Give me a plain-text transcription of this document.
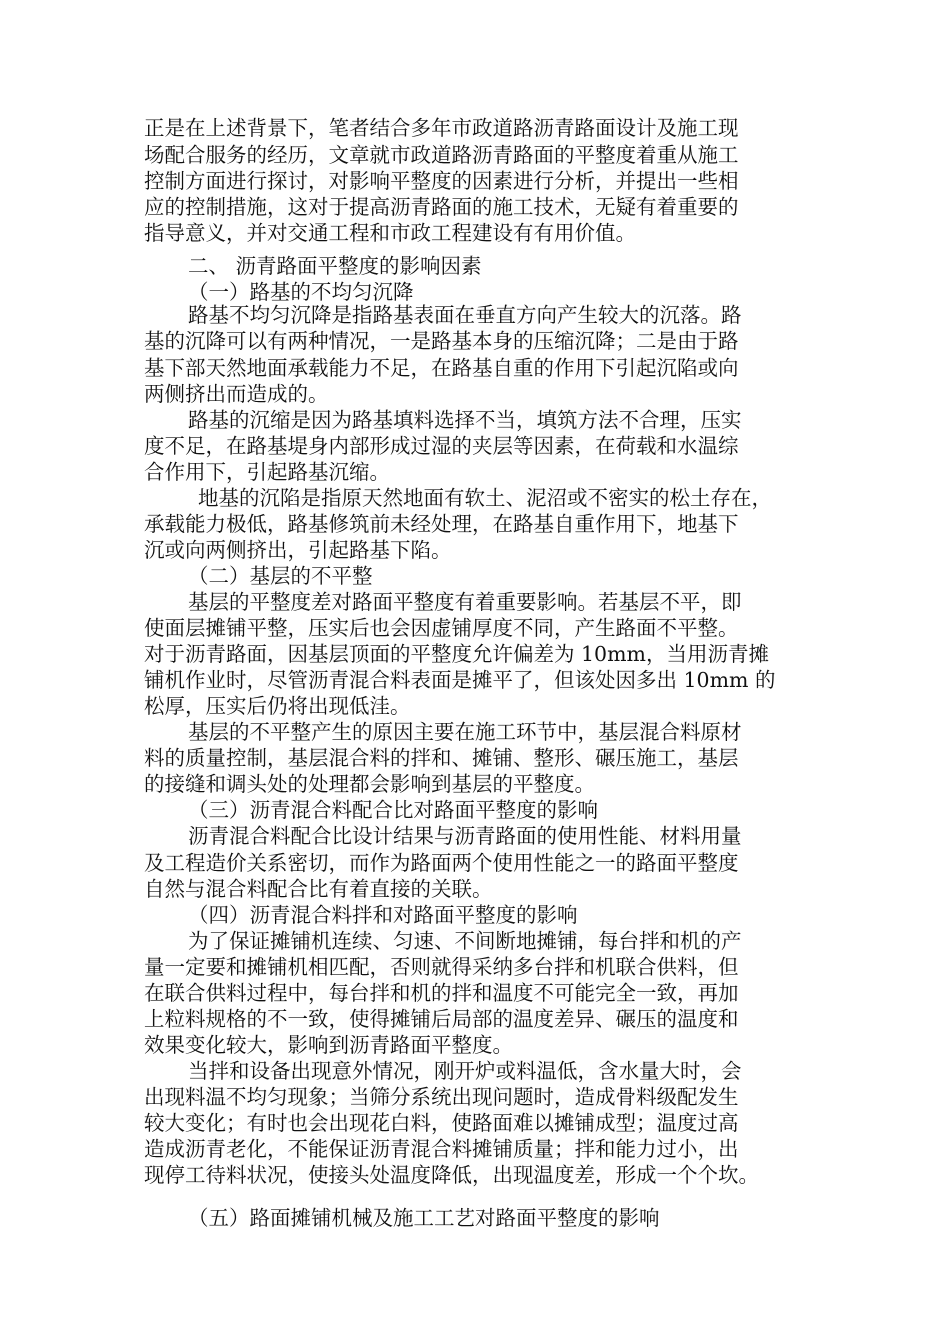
正是在上述背景下，笔者结合多年市政道路沥青路面设计及施工现
场配合服务的经历，文章就市政道路沥青路面的平整度着重从施工
控制方面进行探讨，对影响平整度的因素进行分析，并提出一些相
应的控制措施，这对于提高沥青路面的施工技术，无疑有着重要的
指导意义，并对交通工程和市政工程建设有有用价值。
二、 沥青路面平整度的影响因素
（一）路基的不均匀沉降
路基不均匀沉降是指路基表面在垂直方向产生较大的沉落。路
基的沉降可以有两种情况，一是路基本身的压缩沉降；二是由于路
基下部天然地面承载能力不足，在路基自重的作用下引起沉陷或向
两侧挤出而造成的。
路基的沉缩是因为路基填料选择不当，填筑方法不合理，压实
度不足，在路基堤身内部形成过湿的夹层等因素，在荷载和水温综
合作用下，引起路基沉缩。
地基的沉陷是指原天然地面有软土、泥沼或不密实的松土存在，
承载能力极低，路基修筑前未经处理，在路基自重作用下，地基下
沉或向两侧挤出，引起路基下陷。
（二）基层的不平整
基层的平整度差对路面平整度有着重要影响。若基层不平，即
使面层摊铺平整，压实后也会因虚铺厚度不同，产生路面不平整。
对于沥青路面，因基层顶面的平整度允许偏差为 10mm，当用沥青摊
铺机作业时，尽管沥青混合料表面是摊平了，但该处因多出 10mm 的
松厚，压实后仍将出现低洼。
基层的不平整产生的原因主要在施工环节中，基层混合料原材
料的质量控制，基层混合料的拌和、摊铺、整形、碾压施工，基层
的接缝和调头处的处理都会影响到基层的平整度。
（三）沥青混合料配合比对路面平整度的影响
沥青混合料配合比设计结果与沥青路面的使用性能、材料用量
及工程造价关系密切，而作为路面两个使用性能之一的路面平整度
自然与混合料配合比有着直接的关联。
（四）沥青混合料拌和对路面平整度的影响
为了保证摊铺机连续、匀速、不间断地摊铺，每台拌和机的产
量一定要和摊铺机相匹配，否则就得采纳多台拌和机联合供料，但
在联合供料过程中，每台拌和机的拌和温度不可能完全一致，再加
上粒料规格的不一致，使得摊铺后局部的温度差异、碾压的温度和
效果变化较大，影响到沥青路面平整度。
当拌和设备出现意外情况，刚开炉或料温低，含水量大时，会
出现料温不均匀现象；当筛分系统出现问题时，造成骨料级配发生
较大变化；有时也会出现花白料，使路面难以摊铺成型；温度过高
造成沥青老化，不能保证沥青混合料摊铺质量；拌和能力过小，出
现停工待料状况，使接头处温度降低，出现温度差，形成一个个坎。
（五）路面摊铺机械及施工工艺对路面平整度的影响
